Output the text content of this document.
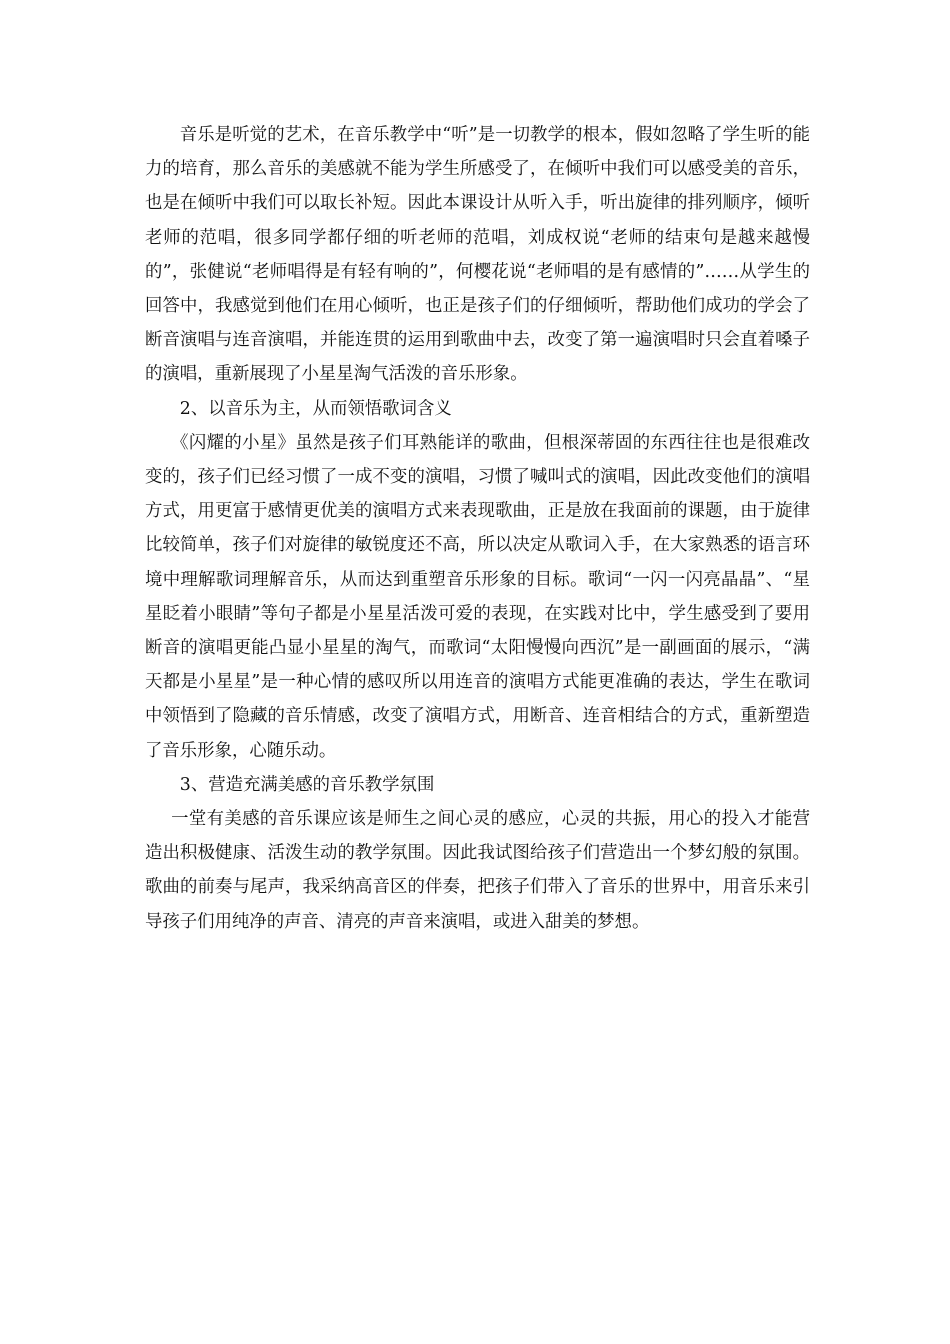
音乐是听觉的艺术，在音乐教学中“听”是一切教学的根本，假如忽略了学生听的能力的培育，那么音乐的美感就不能为学生所感受了，在倾听中我们可以感受美的音乐，也是在倾听中我们可以取长补短。因此本课设计从听入手，听出旋律的排列顺序，倾听老师的范唱，很多同学都仔细的听老师的范唱，刘成权说“老师的结束句是越来越慢的”，张健说“老师唱得是有轻有响的”，何樱花说“老师唱的是有感情的”……从学生的回答中，我感觉到他们在用心倾听，也正是孩子们的仔细倾听，帮助他们成功的学会了断音演唱与连音演唱，并能连贯的运用到歌曲中去，改变了第一遍演唱时只会直着嗓子的演唱，重新展现了小星星淘气活泼的音乐形象。

2、以音乐为主，从而领悟歌词含义

《闪耀的小星》虽然是孩子们耳熟能详的歌曲，但根深蒂固的东西往往也是很难改变的，孩子们已经习惯了一成不变的演唱，习惯了喊叫式的演唱，因此改变他们的演唱方式，用更富于感情更优美的演唱方式来表现歌曲，正是放在我面前的课题，由于旋律比较简单，孩子们对旋律的敏锐度还不高，所以决定从歌词入手，在大家熟悉的语言环境中理解歌词理解音乐，从而达到重塑音乐形象的目标。歌词“一闪一闪亮晶晶”、“星星眨着小眼睛”等句子都是小星星活泼可爱的表现，在实践对比中，学生感受到了要用断音的演唱更能凸显小星星的淘气，而歌词“太阳慢慢向西沉”是一副画面的展示，“满天都是小星星”是一种心情的感叹所以用连音的演唱方式能更准确的表达，学生在歌词中领悟到了隐藏的音乐情感，改变了演唱方式，用断音、连音相结合的方式，重新塑造了音乐形象，心随乐动。

3、营造充满美感的音乐教学氛围

一堂有美感的音乐课应该是师生之间心灵的感应，心灵的共振，用心的投入才能营造出积极健康、活泼生动的教学氛围。因此我试图给孩子们营造出一个梦幻般的氛围。歌曲的前奏与尾声，我采纳高音区的伴奏，把孩子们带入了音乐的世界中，用音乐来引导孩子们用纯净的声音、清亮的声音来演唱，或进入甜美的梦想。
